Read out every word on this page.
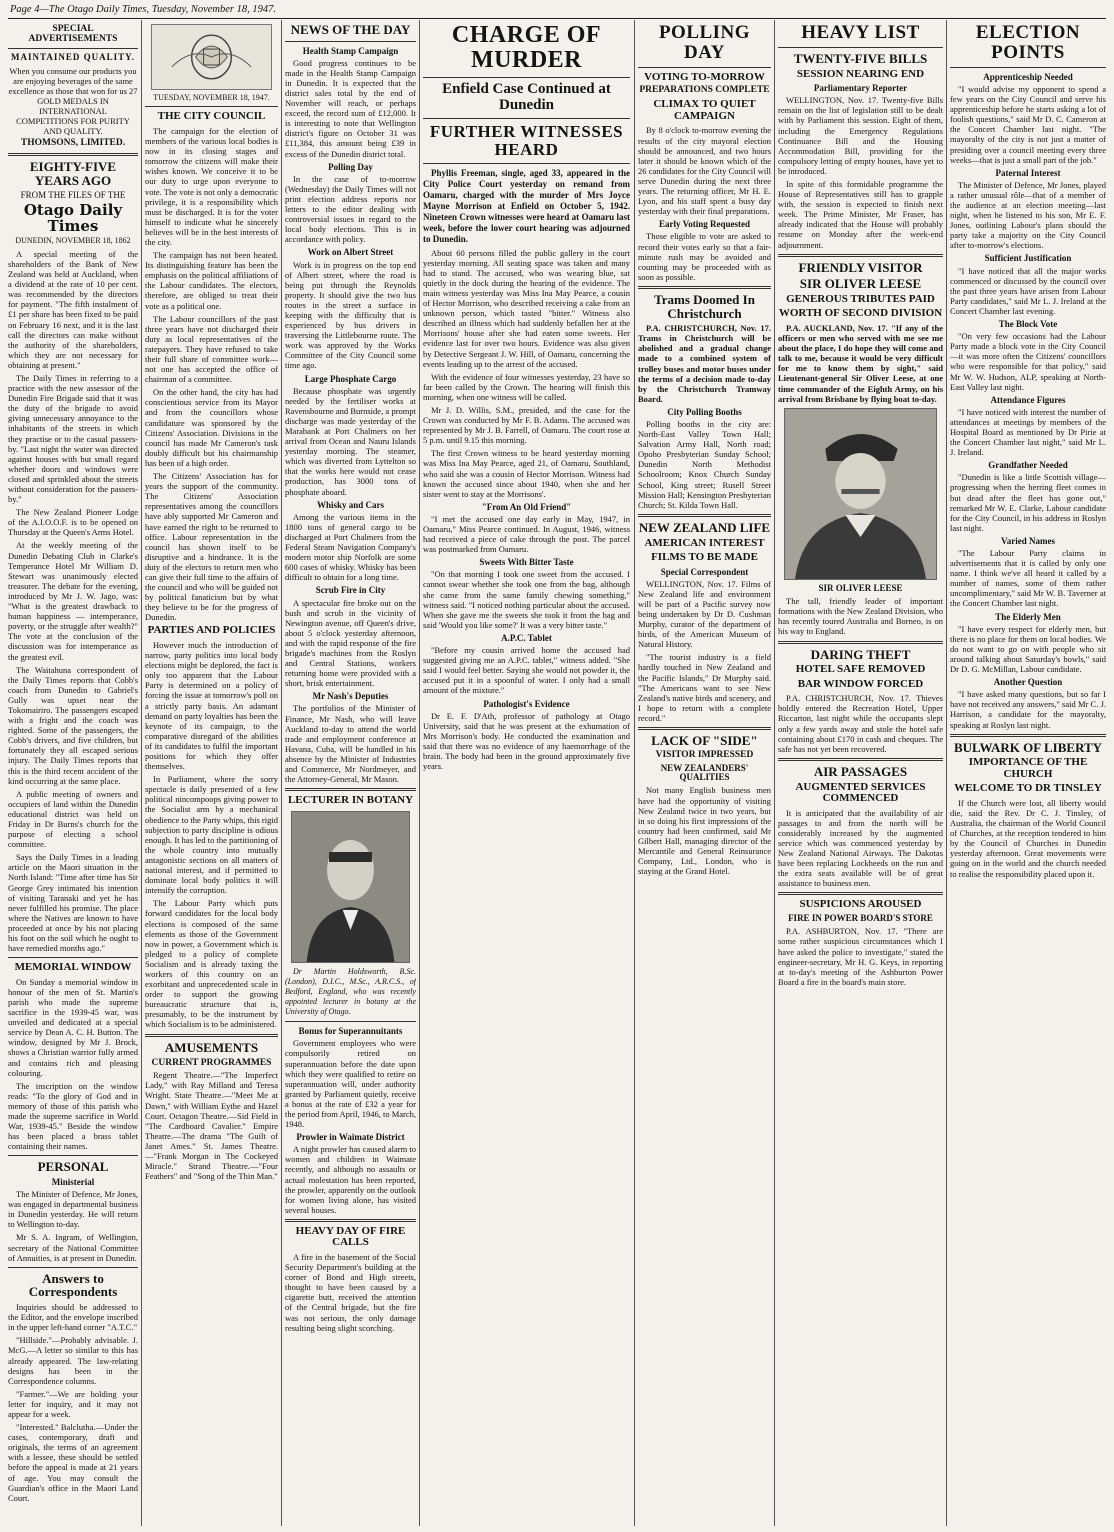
Page 4—The Otago Daily Times, Tuesday, November 18, 1947.
SPECIAL ADVERTISEMENTS
MAINTAINED QUALITY.

When you consume our products you are enjoying beverages of the same excellence as those that won for us 27 GOLD MEDALS IN INTERNATIONAL COMPETITIONS FOR PURITY AND QUALITY.

THOMSONS, LIMITED.
EIGHTY-FIVE YEARS AGO
FROM THE FILES OF THE
Otago Daily Times
DUNEDIN, NOVEMBER 18, 1862

A special meeting of the shareholders of the Bank of New Zealand was held at Auckland, when a dividend at the rate of 10 per cent. was recommended by the directors for payment. "The fifth instalment of £1 per share has been fixed to be paid on February 16 next, and it is the last call the directors can make without the authority of the shareholders, which they are not necessary for obtaining at present."

The Daily Times in referring to a practice with the new assessor of the Dunedin Fire Brigade said that it was the duty of the brigade to avoid giving unnecessary annoyance to the inhabitants of the streets in which they practise or to the casual passers-by. "Last night the water was directed against houses with but small regard whether doors and windows were closed and sprinkled about the streets without consideration for the passers-by."

The New Zealand Pioneer Lodge of the A.I.O.O.F. is to be opened on Thursday at the Queen's Arms Hotel.

At the weekly meeting of the Dunedin Debating Club in Clarke's Temperance Hotel Mr William D. Stewart was unanimously elected treasurer. The debate for the evening, introduced by Mr J. W. Jago, was: "What is the greatest drawback to human happiness — intemperance, poverty, or the struggle after wealth?" The vote at the conclusion of the discussion was for intemperance as the greatest evil.

The Waitahuna correspondent of the Daily Times reports that Cobb's coach from Dunedin to Gabriel's Gully was upset near the Tokomairiro. The passengers escaped with a fright and the coach was righted. Some of the passengers, the Cobb's drivers, and five children, but fortunately they all escaped serious injury. The Daily Times reports that this is the third recent accident of the kind occurring at the same place.

A public meeting of owners and occupiers of land within the Dunedin educational district was held on Friday in Dr Burns's church for the purpose of electing a school committee.

Says the Daily Times in a leading article on the Maori situation in the North Island: "Time after time has Sir George Grey intimated his intention of visiting Taranaki and yet he has never fulfilled his promise. The place where the Natives are known to have proceeded at once by his not placing his foot on the soil which he ought to have remedied months ago."

MEMORIAL WINDOW

On Sunday a memorial window in honour of the men of St. Martin's parish who made the supreme sacrifice in the 1939-45 war, was unveiled and dedicated at a special service by Dean A. C. H. Button. The window, designed by Mr J. Brock, shows a Christian warrior fully armed and contains rich and pleasing colouring.

The inscription on the window reads: "To the glory of God and in memory of those of this parish who made the supreme sacrifice in World War, 1939-45." Beside the window has been placed a brass tablet containing their names.

PERSONAL
Ministerial

The Minister of Defence, Mr Jones, was engaged in departmental business in Dunedin yesterday. He will return to Wellington to-day.

Mr S. A. Ingram, of Wellington, secretary of the National Committee of Annuities, is at present in Dunedin.

Answers to Correspondents

Inquiries should be addressed to the Editor, and the envelope inscribed in the upper left-hand corner "A.T.C."

"Hillside."—Probably advisable. J. McG.—A letter so similar to this has already appeared. The law-relating designs has been in the Correspondence columns.

"Farmer."—We are holding your letter for inquiry, and it may not appear for a week.

"Interested." Balclutha.—Under the cases, contemporary, draft and originals, the terms of an agreement with a lessee, these should be settled before the appeal is made at 21 years of age. You may consult the Guardian's office in the Maori Land Court.

TUESDAY, NOVEMBER 18, 1947.
THE CITY COUNCIL

The campaign for the election of members of the various local bodies is now in its closing stages and tomorrow the citizens will make their wishes known. We conceive it to be our duty to urge upon everyone to vote. The vote is not only a democratic privilege, it is a responsibility which must be discharged. It is for the voter himself to indicate what he sincerely believes will be in the best interests of the city.

The campaign has not been heated. Its distinguishing feature has been the emphasis on the political affiliations of the Labour candidates. The electors, therefore, are obliged to treat their vote as a political one.

The Labour councillors of the past three years have not discharged their duty as local representatives of the ratepayers. They have refused to take their full share of committee work—not one has accepted the office of chairman of a committee.

On the other hand, the city has had conscientious service from its Mayor and from the councillors whose candidature was sponsored by the Citizens' Association. Divisions in the council has made Mr Cameron's task doubly difficult but his chairmanship has been of a high order.

The Citizens' Association has for years the support of the community. The Citizens' Association representatives among the councillors have ably supported Mr Cameron and have earned the right to be returned to office. Labour representation in the council has shown itself to be disruptive and a hindrance. It is the duty of the electors to return men who can give their full time to the affairs of the council and who will be guided not by political fanaticism but by what they believe to be for the progress of Dunedin.

PARTIES AND POLICIES

However much the introduction of narrow, party politics into local body elections might be deplored, the fact is only too apparent that the Labour Party is determined on a policy of forcing the issue at tomorrow's poll on a strictly party basis. An adamant demand on party loyalties has been the keynote of its campaign, to the comparative disregard of the abilities of its candidates to fulfil the important positions for which they offer themselves.

In Parliament, where the sorry spectacle is daily presented of a few political nincompoops giving power to the Socialist arm by a mechanical obedience to the Party whips, this rigid subjection to party discipline is odious enough. It has led to the partitioning of the whole country into mutually antagonistic sections on all matters of national interest, and if permitted to dominate local body politics it will intensify the corruption.

The Labour Party which puts forward candidates for the local body elections is composed of the same elements as those of the Government now in power, a Government which is pledged to a policy of complete Socialism and is already taxing the workers of this country on an exorbitant and unprecedented scale in order to support the growing bureaucratic structure that is, presumably, to be the instrument by which Socialism is to be administered.

AMUSEMENTS
CURRENT PROGRAMMES

Regent Theatre.—"The Imperfect Lady," with Ray Milland and Teresa Wright. State Theatre.—"Meet Me at Dawn," with William Eythe and Hazel Court. Octagon Theatre.—Sid Field in "The Cardboard Cavalier." Empire Theatre.—The drama "The Guilt of Janet Ames." St. James Theatre.—"Frank Morgan in The Cockeyed Miracle." Strand Theatre.—"Four Feathers" and "Song of the Thin Man."

NEWS OF THE DAY
Health Stamp Campaign

Good progress continues to be made in the Health Stamp Campaign in Dunedin. It is expected that the district sales total by the end of November will reach, or perhaps exceed, the record sum of £12,000. It is interesting to note that Wellington district's figure on October 31 was £11,384, this amount being £39 in excess of the Dunedin district total.

Polling Day

In the case of to-morrow (Wednesday) the Daily Times will not print election address reports nor letters to the editor dealing with controversial issues in regard to the local body elections. This is in accordance with policy.

Work on Albert Street

Work is in progress on the top end of Albert street, where the road is being put through the Reynolds property. It should give the two bus routes in the street a surface in keeping with the difficulty that is experienced by bus drivers in traversing the Littlebourne route. The work was approved by the Works Committee of the City Council some time ago.

Large Phosphate Cargo

Because phosphate was urgently needed by the fertiliser works at Ravensbourne and Burnside, a prompt discharge was made yesterday of the Marabank at Port Chalmers on her arrival from Ocean and Nauru Islands yesterday morning. The steamer, which was diverted from Lyttelton so that the works here would not cease production, has 3000 tons of phosphate aboard.

Whisky and Cars

Among the various items in the 1800 tons of general cargo to be discharged at Port Chalmers from the Federal Steam Navigation Company's modern motor ship Norfolk are some 600 cases of whisky. Whisky has been difficult to obtain for a long time.

Scrub Fire in City

A spectacular fire broke out on the bush and scrub in the vicinity of Newington avenue, off Queen's drive, about 5 o'clock yesterday afternoon, and with the rapid response of the fire brigade's machines from the Roslyn and Central Stations, workers returning home were provided with a short, brisk entertainment.

Mr Nash's Deputies

The portfolios of the Minister of Finance, Mr Nash, who will leave Auckland to-day to attend the world trade and employment conference at Havana, Cuba, will be handled in his absence by the Minister of Industries and Commerce, Mr Nordmeyer, and the Attorney-General, Mr Mason.

LECTURER IN BOTANY

Dr Martin Holdsworth, B.Sc. (London), D.I.C., M.Sc., A.R.C.S., of Bedford, England, who was recently appointed lecturer in botany at the University of Otago.

Bonus for Superannuitants

Government employees who were compulsorily retired on superannuation before the date upon which they were qualified to retire on superannuation will, under authority granted by Parliament quietly, receive a bonus at the rate of £32 a year for the period from April, 1946, to March, 1948.

Prowler in Waimate District

A night prowler has caused alarm to women and children in Waimate recently, and although no assaults or actual molestation has been reported, the prowler, apparently on the outlook for women living alone, has visited several houses.

HEAVY DAY OF FIRE CALLS

A fire in the basement of the Social Security Department's building at the corner of Bond and High streets, thought to have been caused by a cigarette butt, received the attention of the Central brigade, but the fire was not serious, the only damage resulting being slight scorching.

CHARGE OF MURDER
Enfield Case Continued at Dunedin
FURTHER WITNESSES HEARD

Phyllis Freeman, single, aged 33, appeared in the City Police Court yesterday on remand from Oamaru, charged with the murder of Mrs Joyce Mayne Morrison at Enfield on October 5, 1942. Nineteen Crown witnesses were heard at Oamaru last week, before the lower court hearing was adjourned to Dunedin.

About 60 persons filled the public gallery in the court yesterday morning. All seating space was taken and many had to stand. The accused, who was wearing blue, sat quietly in the dock during the hearing of the evidence. The main witness yesterday was Miss Ina May Pearce, a cousin of Hector Morrison, who described receiving a cake from an unknown person, which tasted "bitter." Witness also described an illness which had suddenly befallen her at the Morrisons' house after she had eaten some sweets. Her evidence last for over two hours. Evidence was also given by Detective Sergeant J. W. Hill, of Oamaru, concerning the events leading up to the arrest of the accused.

With the evidence of four witnesses yesterday, 23 have so far been called by the Crown. The hearing will finish this morning, when one witness will be called.

Mr J. D. Willis, S.M., presided, and the case for the Crown was conducted by Mr F. B. Adams. The accused was represented by Mr J. B. Farrell, of Oamaru. The court rose at 5 p.m. until 9.15 this morning.

The first Crown witness to be heard yesterday morning was Miss Ina May Pearce, aged 21, of Oamaru, Southland, who said she was a cousin of Hector Morrison. Witness had known the accused since about 1940, when she and her sister went to stay at the Morrisons'.

"From An Old Friend"

"I met the accused one day early in May, 1947, in Oamaru," Miss Pearce continued. In August, 1946, witness had received a piece of cake through the post. The parcel was postmarked from Oamaru.

Sweets With Bitter Taste

"On that morning I took one sweet from the accused. I cannot swear whether she took one from the bag, although she came from the same family chewing something," witness said. "I noticed nothing particular about the accused. When she gave me the sweets she took it from the bag and said 'Would you like some?' It was a very bitter taste."

A.P.C. Tablet

"Before my cousin arrived home the accused had suggested giving me an A.P.C. tablet," witness added. "She said I would feel better. Saying she would not powder it, the accused put it in a spoonful of water. I only had a small amount of the mixture."

Pathologist's Evidence

Dr E. F. D'Ath, professor of pathology at Otago University, said that he was present at the exhumation of Mrs Morrison's body. He conducted the examination and said that there was no evidence of any haemorrhage of the brain. The body had been in the ground approximately five years.

POLLING DAY
VOTING TO-MORROW
PREPARATIONS COMPLETE
CLIMAX TO QUIET CAMPAIGN

By 8 o'clock to-morrow evening the results of the city mayoral election should be announced, and two hours later it should be known which of the 26 candidates for the City Council will serve Dunedin during the next three years. The returning officer, Mr H. E. Lyon, and his staff spent a busy day yesterday with their final preparations.

Early Voting Requested

Those eligible to vote are asked to record their votes early so that a fair-minute rush may be avoided and counting may be proceeded with as soon as possible.

Trams Doomed In Christchurch

P.A. CHRISTCHURCH, Nov. 17. Trams in Christchurch will be abolished and a gradual change made to a combined system of trolley buses and motor buses under the terms of a decision made to-day by the Christchurch Tramway Board.

City Polling Booths

Polling booths in the city are: North-East Valley Town Hall; Salvation Army Hall, North road; Opoho Presbyterian Sunday School; Dunedin North Methodist Schoolroom; Knox Church Sunday School, King street; Rusell Street Mission Hall; Kensington Presbyterian Church; St. Kilda Town Hall.

NEW ZEALAND LIFE
AMERICAN INTEREST
FILMS TO BE MADE
Special Correspondent

WELLINGTON, Nov. 17. Films of New Zealand life and environment will be part of a Pacific survey now being undertaken by Dr D. Cushman Murphy, curator of the department of birds, of the American Museum of Natural History.

"The tourist industry is a field hardly touched in New Zealand and the Pacific Islands," Dr Murphy said. "The Americans want to see New Zealand's native birds and scenery, and I hope to return with a complete record."

LACK OF "SIDE"
VISITOR IMPRESSED
NEW ZEALANDERS' QUALITIES

Not many English business men have had the opportunity of visiting New Zealand twice in two years, but in so doing his first impressions of the country had been confirmed, said Mr Gilbert Hall, managing director of the Mercantile and General Reinsurance Company, Ltd., London, who is staying at the Grand Hotel.

HEAVY LIST
TWENTY-FIVE BILLS
SESSION NEARING END
Parliamentary Reporter

WELLINGTON, Nov. 17. Twenty-five Bills remain on the list of legislation still to be dealt with by Parliament this session. Eight of them, including the Emergency Regulations Continuance Bill and the Housing Accommodation Bill, providing for the compulsory letting of empty houses, have yet to be introduced.

In spite of this formidable programme the House of Representatives still has to grapple with, the session is expected to finish next week. The Prime Minister, Mr Fraser, has already indicated that the House will probably resume on Monday after the week-end adjournment.

FRIENDLY VISITOR
SIR OLIVER LEESE
GENEROUS TRIBUTES PAID
WORTH OF SECOND DIVISION

P.A. AUCKLAND, Nov. 17. "If any of the officers or men who served with me see me about the place, I do hope they will come and talk to me, because it would be very difficult for me to know them by sight," said Lieutenant-general Sir Oliver Leese, at one time commander of the Eighth Army, on his arrival from Brisbane by flying boat to-day.

SIR OLIVER LEESE

The tall, friendly leader of important formations with the New Zealand Division, who has recently toured Australia and Borneo, is on his way to England.

DARING THEFT
HOTEL SAFE REMOVED
BAR WINDOW FORCED

P.A. CHRISTCHURCH, Nov. 17. Thieves boldly entered the Recreation Hotel, Upper Riccarton, last night while the occupants slept only a few yards away and stole the hotel safe containing about £170 in cash and cheques. The safe has not yet been recovered.

AIR PASSAGES
AUGMENTED SERVICES COMMENCED

It is anticipated that the availability of air passages to and from the north will be considerably increased by the augmented service which was commenced yesterday by New Zealand National Airways. The Dakotas have been replacing Lockheeds on the run and the extra seats available will be of great assistance to business men.

SUSPICIONS AROUSED
FIRE IN POWER BOARD'S STORE

P.A. ASHBURTON, Nov. 17. "There are some rather suspicious circumstances which I have asked the police to investigate," stated the engineer-secretary, Mr H. G. Keys, in reporting at to-day's meeting of the Ashburton Power Board a fire in the board's main store.

ELECTION POINTS
Apprenticeship Needed

"I would advise my opponent to spend a few years on the City Council and serve his apprenticeship before he starts asking a lot of foolish questions," said Mr D. C. Cameron at the Concert Chamber last night. "The mayoralty of the city is not just a matter of presiding over a council meeting every three weeks—that is just a small part of the job."

Paternal Interest

The Minister of Defence, Mr Jones, played a rather unusual rôle—that of a member of the audience at an election meeting—last night, when he listened to his son, Mr E. F. Jones, outlining Labour's plans should the party take a majority on the City Council after to-morrow's elections.

Sufficient Justification

"I have noticed that all the major works commenced or discussed by the council over the past three years have arisen from Labour Party candidates," said Mr L. J. Ireland at the Concert Chamber last evening.

The Block Vote

"On very few occasions had the Labour Party made a block vote in the City Council—it was more often the Citizens' councillors who were responsible for that policy," said Mr W. W. Hudson, ALP, speaking at North-East Valley last night.

Attendance Figures

"I have noticed with interest the number of attendances at meetings by members of the Hospital Board as mentioned by Dr Pirie at the Concert Chamber last night," said Mr L. J. Ireland.

Grandfather Needed

"Dunedin is like a little Scottish village—progressing when the herring fleet comes in but dead after the fleet has gone out," remarked Mr W. E. Clarke, Labour candidate for the City Council, in his address in Roslyn last night.

Varied Names

"The Labour Party claims in advertisements that it is called by only one name. I think we've all heard it called by a number of names, some of them rather uncomplimentary," said Mr W. B. Taverner at the Concert Chamber last night.

The Elderly Men

"I have every respect for elderly men, but there is no place for them on local bodies. We do not want to go on with people who sit around talking about Saturday's bowls," said Dr D. G. McMillan, Labour candidate.

Another Question

"I have asked many questions, but so far I have not received any answers," said Mr C. J. Harrison, a candidate for the mayoralty, speaking at Roslyn last night.

BULWARK OF LIBERTY
IMPORTANCE OF THE CHURCH
WELCOME TO DR TINSLEY

If the Church were lost, all liberty would die, said the Rev. Dr C. J. Tinsley, of Australia, the chairman of the World Council of Churches, at the reception tendered to him by the Council of Churches in Dunedin yesterday afternoon. Great movements were going on in the world and the church needed to realise the responsibility placed upon it.
